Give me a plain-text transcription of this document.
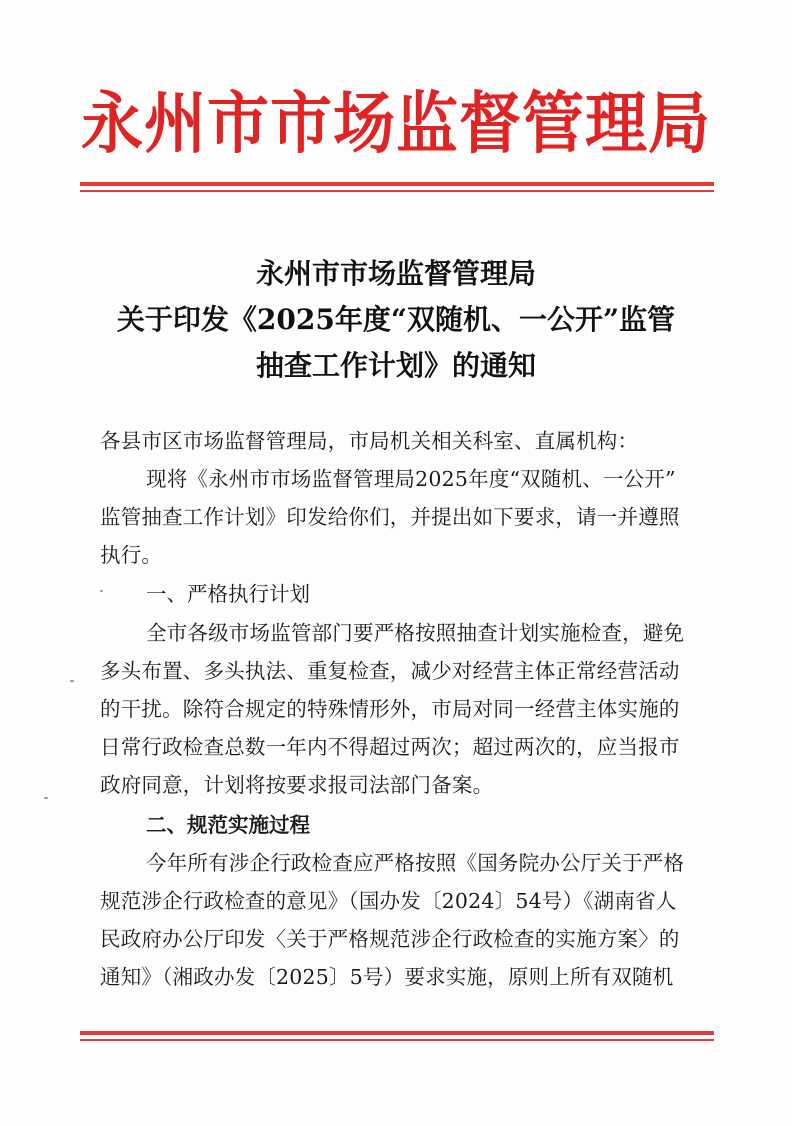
永州市市场监督管理局
永州市市场监督管理局
关于印发《2025年度“双随机、一公开”监管
抽查工作计划》的通知
各县市区市场监督管理局，市局机关相关科室、直属机构：
现将《永州市市场监督管理局2025年度“双随机、一公开”
监管抽查工作计划》印发给你们，并提出如下要求，请一并遵照
执行。
一、严格执行计划
全市各级市场监管部门要严格按照抽查计划实施检查，避免
多头布置、多头执法、重复检查，减少对经营主体正常经营活动
的干扰。除符合规定的特殊情形外，市局对同一经营主体实施的
日常行政检查总数一年内不得超过两次；超过两次的，应当报市
政府同意，计划将按要求报司法部门备案。
二、规范实施过程
今年所有涉企行政检查应严格按照《国务院办公厅关于严格
规范涉企行政检查的意见》（国办发〔2024〕54号）《湖南省人
民政府办公厅印发〈关于严格规范涉企行政检查的实施方案〉的
通知》（湘政办发〔2025〕5号）要求实施，原则上所有双随机
